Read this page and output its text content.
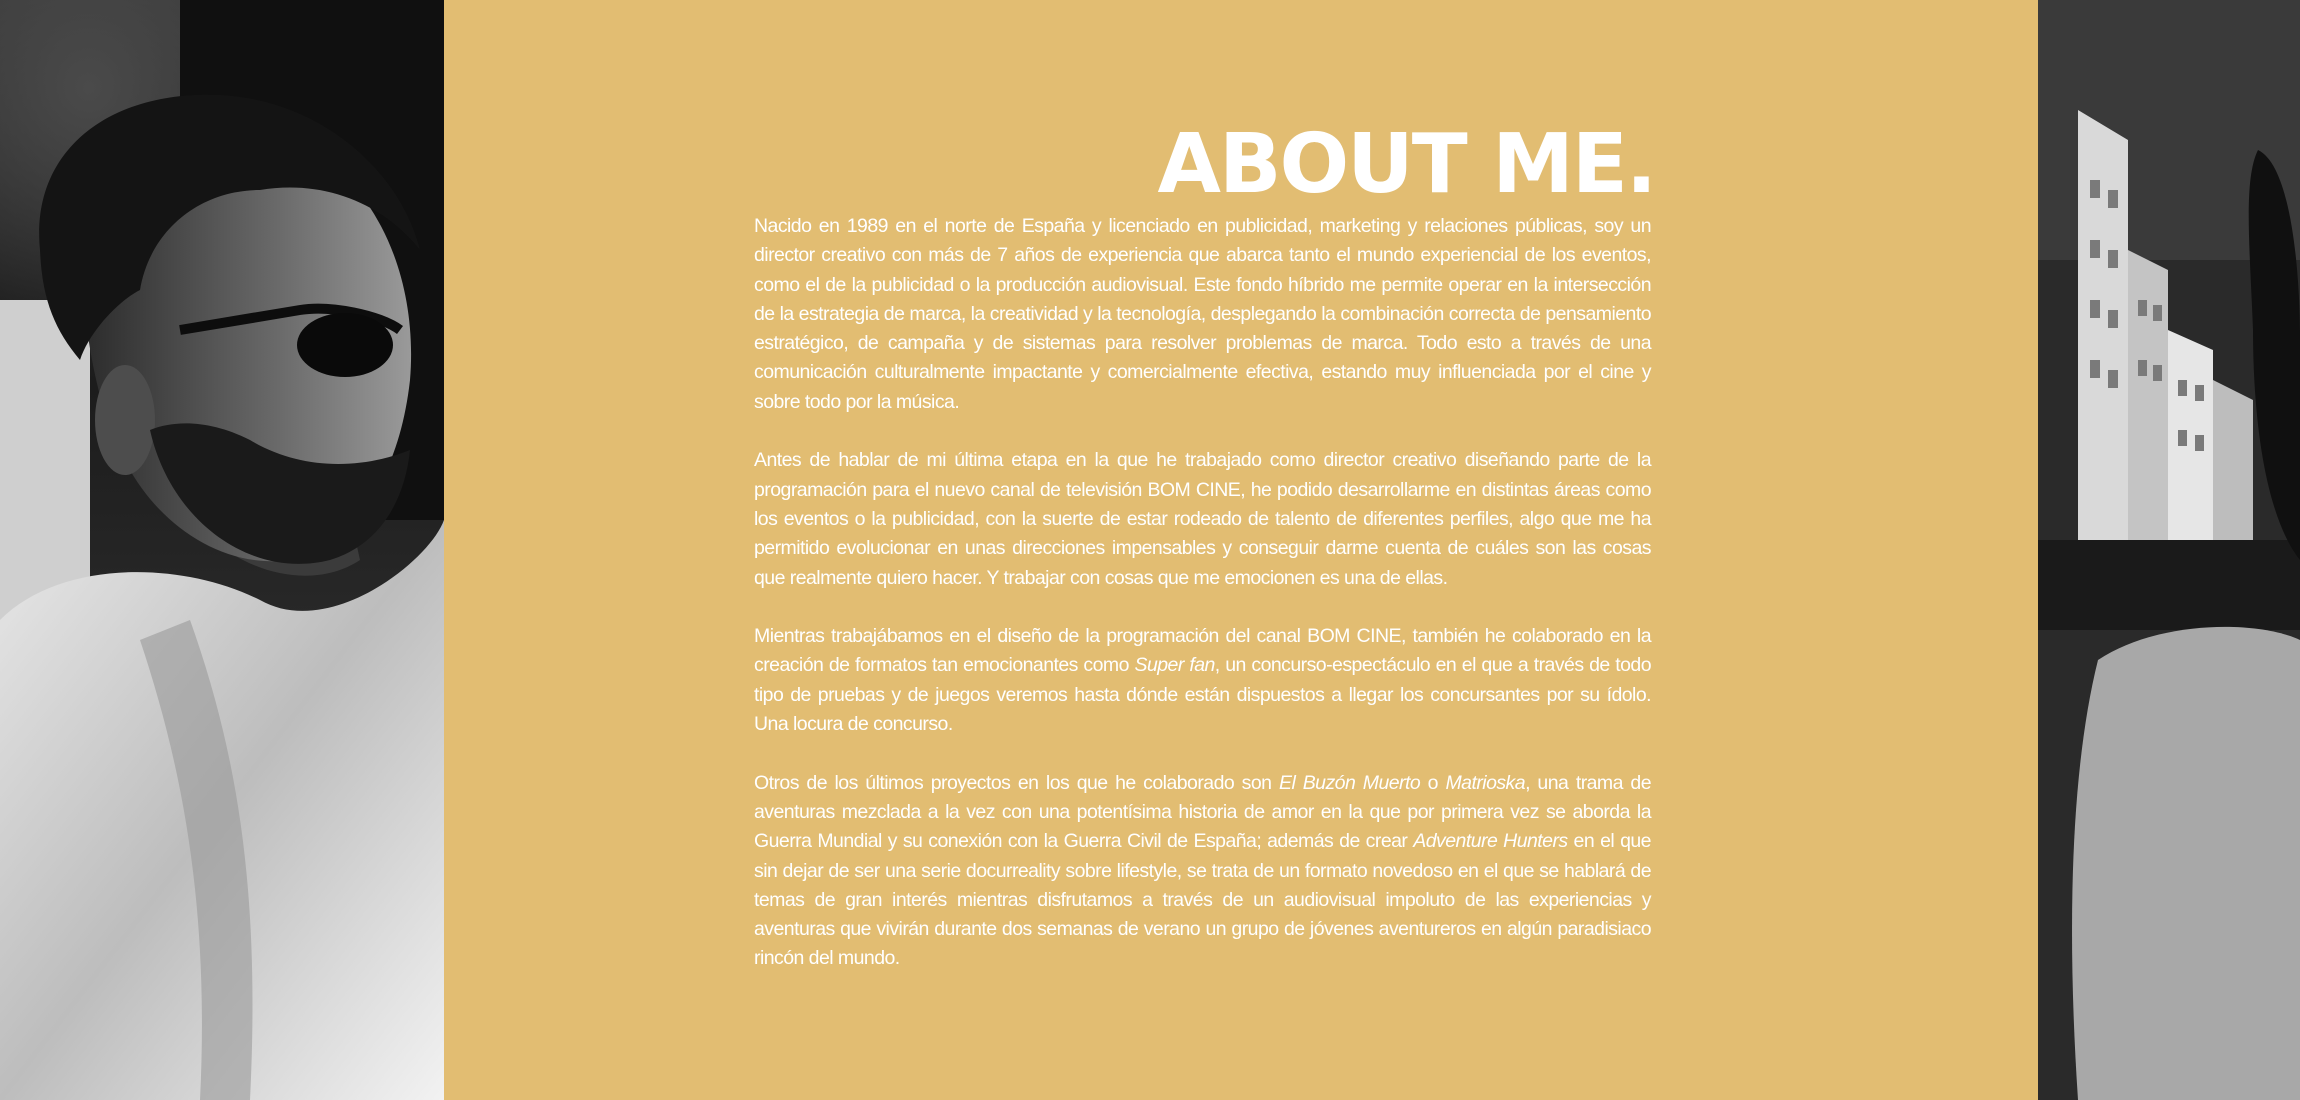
ABOUT ME.

Nacido en 1989 en el norte de España y licenciado en publicidad, marketing y relaciones públicas, soy un director creativo con más de 7 años de experiencia que abarca tanto el mundo experiencial de los eventos, como el de la publicidad o la producción audiovisual. Este fondo híbrido me permite operar en la intersección de la estrategia de marca, la creatividad y la tecnología, desplegando la combinación correcta de pensamiento estratégico, de campaña y de sistemas para resolver problemas de marca. Todo esto a través de una comunicación culturalmente impactante y comercialmente efectiva, estando muy influenciada por el cine y sobre todo por la música.

Antes de hablar de mi última etapa en la que he trabajado como director creativo diseñando parte de la programación para el nuevo canal de televisión BOM CINE, he podido desarrollarme en distintas áreas como los eventos o la publicidad, con la suerte de estar rodeado de talento de diferentes perfiles, algo que me ha permitido evolucionar en unas direcciones impensables y conseguir darme cuenta de cuáles son las cosas que realmente quiero hacer. Y trabajar con cosas que me emocionen es una de ellas.

Mientras trabajábamos en el diseño de la programación del canal BOM CINE, también he colaborado en la creación de formatos tan emocionantes como Super fan, un concurso-espectáculo en el que a través de todo tipo de pruebas y de juegos veremos hasta dónde están dispuestos a llegar los concursantes por su ídolo. Una locura de concurso.

Otros de los últimos proyectos en los que he colaborado son El Buzón Muerto o Matrioska, una trama de aventuras mezclada a la vez con una potentísima historia de amor en la que por primera vez se aborda la Guerra Mundial y su conexión con la Guerra Civil de España; además de crear Adventure Hunters en el que sin dejar de ser una serie docurreality sobre lifestyle, se trata de un formato novedoso en el que se hablará de temas de gran interés mientras disfrutamos a través de un audiovisual impoluto de las experiencias y aventuras que vivirán durante dos semanas de verano un grupo de jóvenes aventureros en algún paradisiaco rincón del mundo.
